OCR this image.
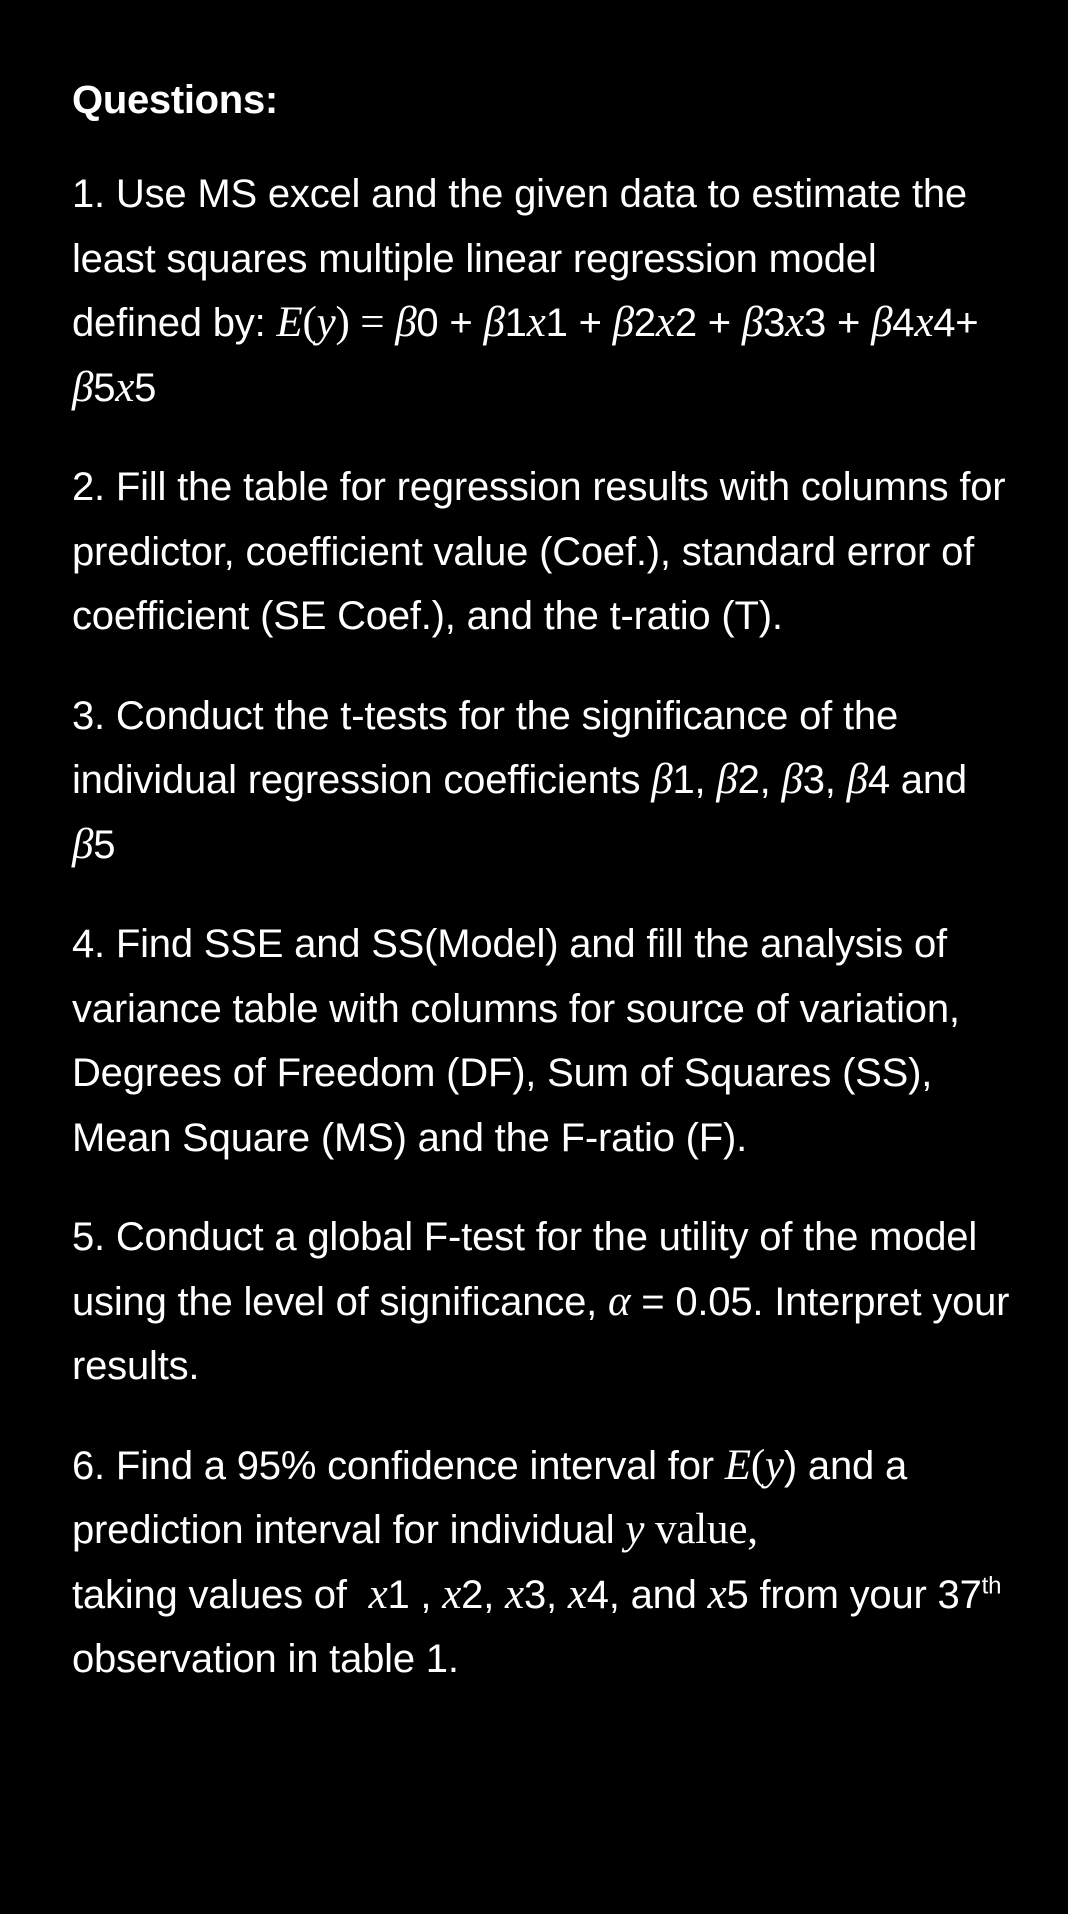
Questions:
1. Use MS excel and the given data to estimate the least squares multiple linear regression model defined by: E(y) = β0 + β1x1 + β2x2 + β3x3 + β4x4+ β5x5
2. Fill the table for regression results with columns for predictor, coefficient value (Coef.), standard error of coefficient (SE Coef.), and the t-ratio (T).
3. Conduct the t-tests for the significance of the individual regression coefficients β1, β2, β3, β4 and β5
4. Find SSE and SS(Model) and fill the analysis of variance table with columns for source of variation, Degrees of Freedom (DF), Sum of Squares (SS), Mean Square (MS) and the F-ratio (F).
5. Conduct a global F-test for the utility of the model using the level of significance, α = 0.05. Interpret your results.
6. Find a 95% confidence interval for E(y) and a prediction interval for individual y value,
taking values of x1 , x2, x3, x4, and x5 from your 37th  observation in table 1.
